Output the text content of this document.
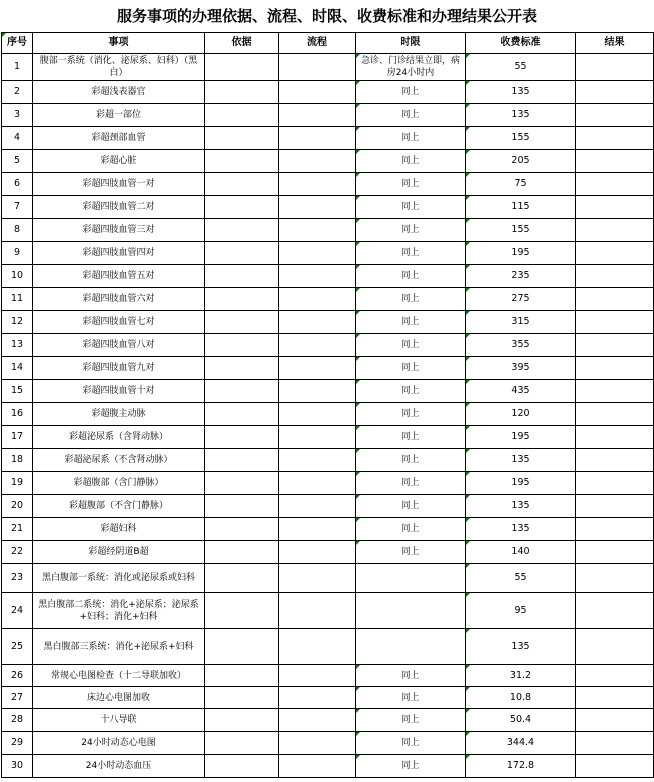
服务事项的办理依据、流程、时限、收费标准和办理结果公开表
序号	事项	依据	流程	时限	收费标准	结果
1	腹部一系统（消化、泌尿系、妇科）（黑白）			急诊、门诊结果立即，病房24小时内	55	
2	彩超浅表器官			同上	135	
3	彩超一部位			同上	135	
4	彩超颈部血管			同上	155	
5	彩超心脏			同上	205	
6	彩超四肢血管一对			同上	75	
7	彩超四肢血管二对			同上	115	
8	彩超四肢血管三对			同上	155	
9	彩超四肢血管四对			同上	195	
10	彩超四肢血管五对			同上	235	
11	彩超四肢血管六对			同上	275	
12	彩超四肢血管七对			同上	315	
13	彩超四肢血管八对			同上	355	
14	彩超四肢血管九对			同上	395	
15	彩超四肢血管十对			同上	435	
16	彩超腹主动脉			同上	120	
17	彩超泌尿系（含肾动脉）			同上	195	
18	彩超泌尿系（不含肾动脉）			同上	135	
19	彩超腹部（含门静脉）			同上	195	
20	彩超腹部（不含门静脉）			同上	135	
21	彩超妇科			同上	135	
22	彩超经阴道B超			同上	140	
23	黑白腹部一系统：消化或泌尿系或妇科				55	
24	黑白腹部二系统：消化+泌尿系；泌尿系+妇科；消化+妇科				95	
25	黑白腹部三系统：消化+泌尿系+妇科				135	
26	常规心电图检查（十二导联加收）			同上	31.2	
27	床边心电图加收			同上	10.8	
28	十八导联			同上	50.4	
29	24小时动态心电图			同上	344.4	
30	24小时动态血压			同上	172.8	
